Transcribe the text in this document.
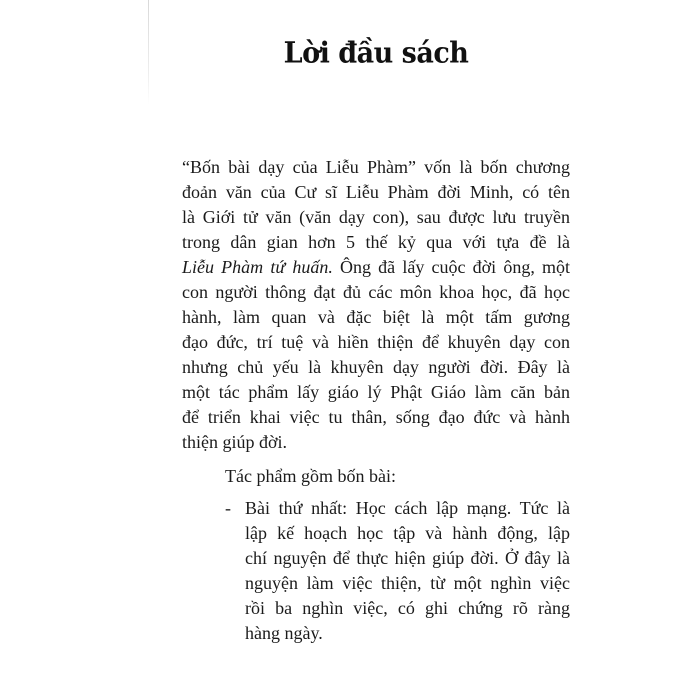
Lời đầu sách
“Bốn bài dạy của Liễu Phàm” vốn là bốn chương
đoản văn của Cư sĩ Liễu Phàm đời Minh, có tên
là Giới tử văn (văn dạy con), sau được lưu truyền
trong dân gian hơn 5 thế kỷ qua với tựa đề là
Liễu Phàm tứ huấn. Ông đã lấy cuộc đời ông, một
con người thông đạt đủ các môn khoa học, đã học
hành, làm quan và đặc biệt là một tấm gương
đạo đức, trí tuệ và hiền thiện để khuyên dạy con
nhưng chủ yếu là khuyên dạy người đời. Đây là
một tác phẩm lấy giáo lý Phật Giáo làm căn bản
để triển khai việc tu thân, sống đạo đức và hành
thiện giúp đời.
Tác phẩm gồm bốn bài:
- Bài thứ nhất: Học cách lập mạng. Tức là
lập kế hoạch học tập và hành động, lập
chí nguyện để thực hiện giúp đời. Ở đây là
nguyện làm việc thiện, từ một nghìn việc
rồi ba nghìn việc, có ghi chứng rõ ràng
hàng ngày.
